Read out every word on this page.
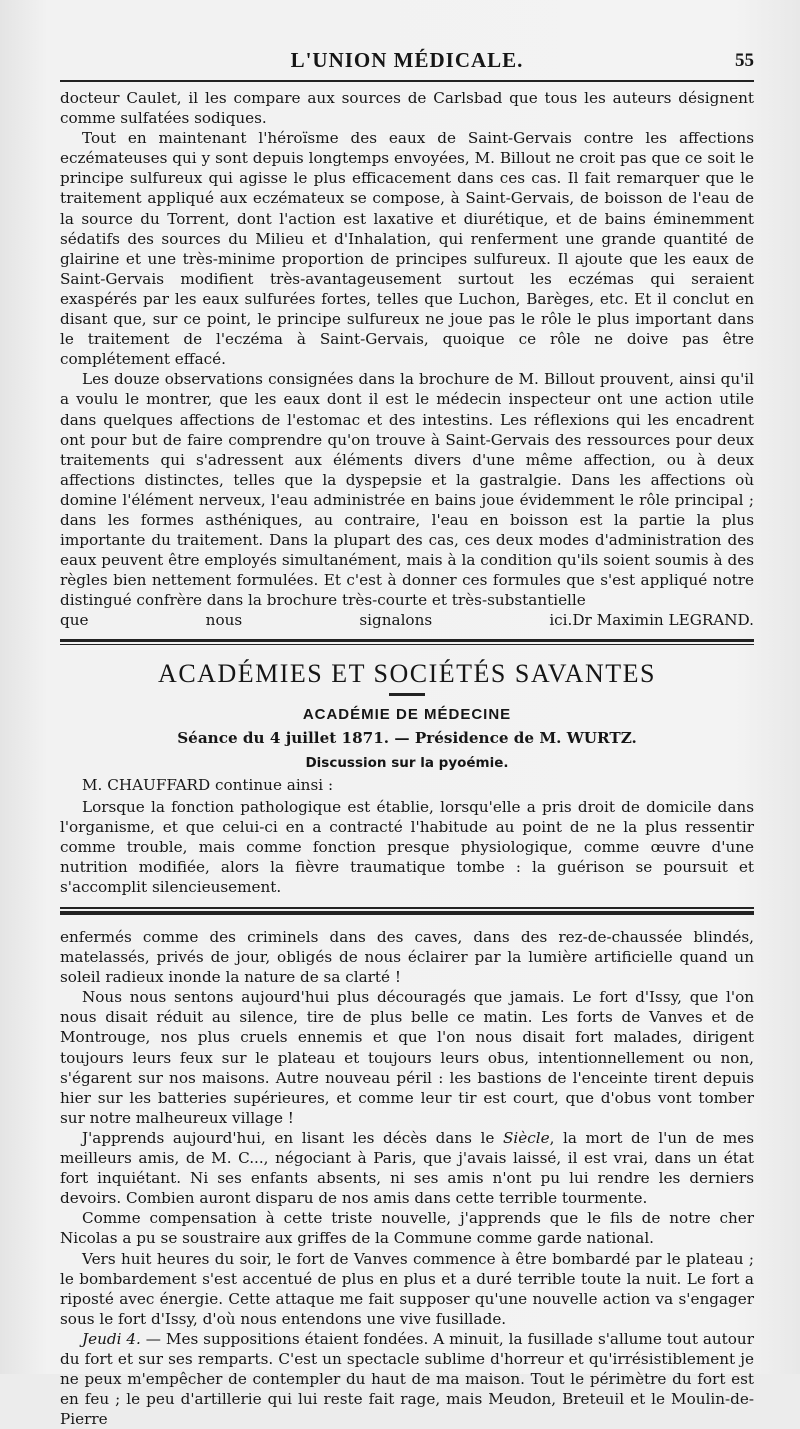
L'UNION MÉDICALE.	55

docteur Caulet, il les compare aux sources de Carlsbad que tous les auteurs désignent comme sulfatées sodiques.

Tout en maintenant l'héroïsme des eaux de Saint-Gervais contre les affections eczémateuses qui y sont depuis longtemps envoyées, M. Billout ne croit pas que ce soit le principe sulfureux qui agisse le plus efficacement dans ces cas. Il fait remarquer que le traitement appliqué aux eczémateux se compose, à Saint-Gervais, de boisson de l'eau de la source du Torrent, dont l'action est laxative et diurétique, et de bains éminemment sédatifs des sources du Milieu et d'Inhalation, qui renferment une grande quantité de glairine et une très-minime proportion de principes sulfureux. Il ajoute que les eaux de Saint-Gervais modifient très-avantageusement surtout les eczémas qui seraient exaspérés par les eaux sulfurées fortes, telles que Luchon, Barèges, etc. Et il conclut en disant que, sur ce point, le principe sulfureux ne joue pas le rôle le plus important dans le traitement de l'eczéma à Saint-Gervais, quoique ce rôle ne doive pas être complétement effacé.

Les douze observations consignées dans la brochure de M. Billout prouvent, ainsi qu'il a voulu le montrer, que les eaux dont il est le médecin inspecteur ont une action utile dans quelques affections de l'estomac et des intestins. Les réflexions qui les encadrent ont pour but de faire comprendre qu'on trouve à Saint-Gervais des ressources pour deux traitements qui s'adressent aux éléments divers d'une même affection, ou à deux affections distinctes, telles que la dyspepsie et la gastralgie. Dans les affections où domine l'élément nerveux, l'eau administrée en bains joue évidemment le rôle principal ; dans les formes asthéniques, au contraire, l'eau en boisson est la partie la plus importante du traitement. Dans la plupart des cas, ces deux modes d'administration des eaux peuvent être employés simultanément, mais à la condition qu'ils soient soumis à des règles bien nettement formulées. Et c'est à donner ces formules que s'est appliqué notre distingué confrère dans la brochure très-courte et très-substantielle

que nous signalons ici. Dr Maximin LEGRAND.

ACADÉMIES ET SOCIÉTÉS SAVANTES
ACADÉMIE DE MÉDECINE
Séance du 4 juillet 1871. — Présidence de M. WURTZ.
Discussion sur la pyoémie.
M. CHAUFFARD continue ainsi :

Lorsque la fonction pathologique est établie, lorsqu'elle a pris droit de domicile dans l'organisme, et que celui-ci en a contracté l'habitude au point de ne la plus ressentir comme trouble, mais comme fonction presque physiologique, comme œuvre d'une nutrition modifiée, alors la fièvre traumatique tombe : la guérison se poursuit et s'accomplit silencieusement.

enfermés comme des criminels dans des caves, dans des rez-de-chaussée blindés, matelassés, privés de jour, obligés de nous éclairer par la lumière artificielle quand un soleil radieux inonde la nature de sa clarté !

Nous nous sentons aujourd'hui plus découragés que jamais. Le fort d'Issy, que l'on nous disait réduit au silence, tire de plus belle ce matin. Les forts de Vanves et de Montrouge, nos plus cruels ennemis et que l'on nous disait fort malades, dirigent toujours leurs feux sur le plateau et toujours leurs obus, intentionnellement ou non, s'égarent sur nos maisons. Autre nouveau péril : les bastions de l'enceinte tirent depuis hier sur les batteries supérieures, et comme leur tir est court, que d'obus vont tomber sur notre malheureux village !

J'apprends aujourd'hui, en lisant les décès dans le Siècle, la mort de l'un de mes meilleurs amis, de M. C..., négociant à Paris, que j'avais laissé, il est vrai, dans un état fort inquiétant. Ni ses enfants absents, ni ses amis n'ont pu lui rendre les derniers devoirs. Combien auront disparu de nos amis dans cette terrible tourmente.

Comme compensation à cette triste nouvelle, j'apprends que le fils de notre cher Nicolas a pu se soustraire aux griffes de la Commune comme garde national.

Vers huit heures du soir, le fort de Vanves commence à être bombardé par le plateau ; le bombardement s'est accentué de plus en plus et a duré terrible toute la nuit. Le fort a riposté avec énergie. Cette attaque me fait supposer qu'une nouvelle action va s'engager sous le fort d'Issy, d'où nous entendons une vive fusillade.

Jeudi 4. — Mes suppositions étaient fondées. A minuit, la fusillade s'allume tout autour du fort et sur ses remparts. C'est un spectacle sublime d'horreur et qu'irrésistiblement je ne peux m'empêcher de contempler du haut de ma maison. Tout le périmètre du fort est en feu ; le peu d'artillerie qui lui reste fait rage, mais Meudon, Breteuil et le Moulin-de-Pierre
